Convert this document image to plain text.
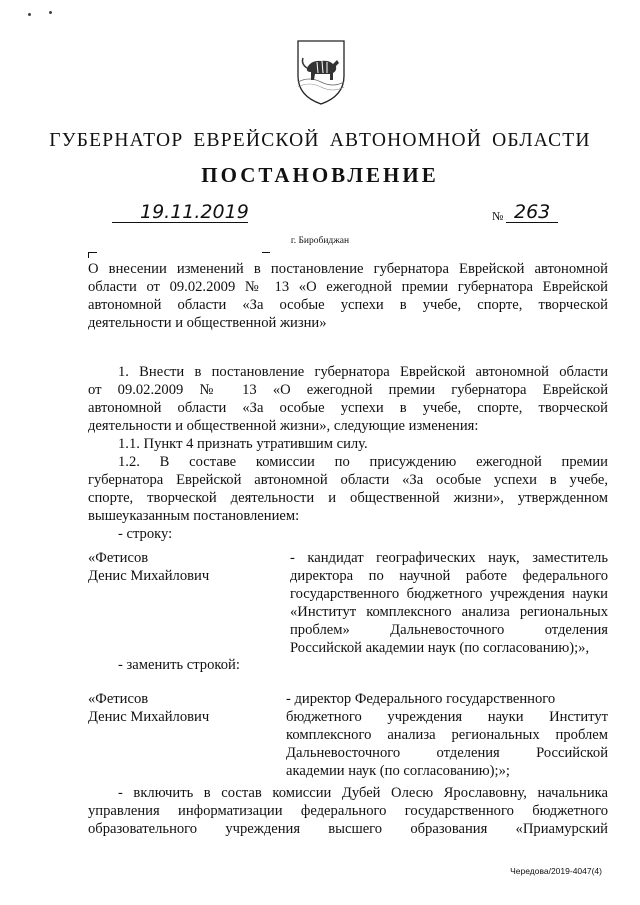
ГУБЕРНАТОР ЕВРЕЙСКОЙ АВТОНОМНОЙ ОБЛАСТИ
ПОСТАНОВЛЕНИЕ
19.11.2019	№ 263
г. Биробиджан

О внесении изменений в постановление губернатора Еврейской автономной

области от 09.02.2009 № 13 «О ежегодной премии губернатора Еврейской

автономной области «За особые успехи в учебе, спорте, творческой

деятельности и общественной жизни»

1. Внести в постановление губернатора Еврейской автономной области

от 09.02.2009 № 13 «О ежегодной премии губернатора Еврейской

автономной области «За особые успехи в учебе, спорте, творческой

деятельности и общественной жизни», следующие изменения:

1.1. Пункт 4 признать утратившим силу.

1.2. В составе комиссии по присуждению ежегодной премии

губернатора Еврейской автономной области «За особые успехи в учебе,

спорте, творческой деятельности и общественной жизни», утвержденном

вышеуказанным постановлением:

- строку:

«Фетисов

Денис Михайлович

- кандидат географических наук, заместитель

директора по научной работе федерального

государственного бюджетного учреждения науки

«Институт комплексного анализа региональных

проблем» Дальневосточного отделения

Российской академии наук (по согласованию);»,

- заменить строкой:

«Фетисов

Денис Михайлович

- директор Федерального государственного

бюджетного учреждения науки Институт

комплексного анализа региональных проблем

Дальневосточного отделения Российской

академии наук (по согласованию);»;

- включить в состав комиссии Дубей Олесю Ярославовну, начальника

управления информатизации федерального государственного бюджетного

образовательного учреждения высшего образования «Приамурский

Чередова/2019-4047(4)
